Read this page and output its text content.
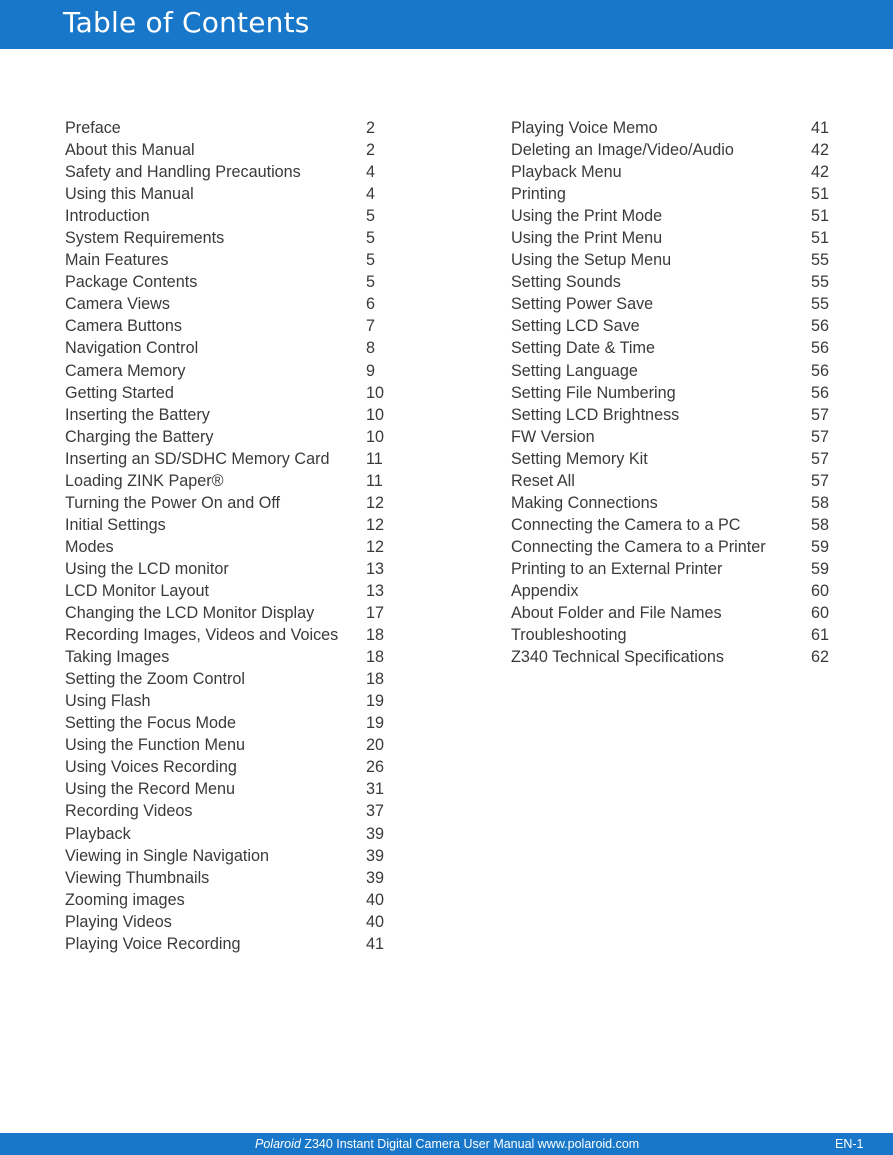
Table of Contents
Preface	2
About this Manual	2
Safety and Handling Precautions	4
Using this Manual	4
Introduction	5
System Requirements	5
Main Features	5
Package Contents	5
Camera Views	6
Camera Buttons	7
Navigation Control	8
Camera Memory	9
Getting Started	10
Inserting the Battery	10
Charging the Battery	10
Inserting an SD/SDHC Memory Card 11
Loading ZINK Paper®	11
Turning the Power On and Off	12
Initial Settings	12
Modes	12
Using the LCD monitor	13
LCD Monitor Layout	13
Changing the LCD Monitor Display	17
Recording Images, Videos and Voices 18
Taking Images	18
Setting the Zoom Control	18
Using Flash	19
Setting the Focus Mode	19
Using the Function Menu	20
Using Voices Recording	26
Using the Record Menu	31
Recording Videos	37
Playback	39
Viewing in Single Navigation	39
Viewing Thumbnails	39
Zooming images	40
Playing Videos	40
Playing Voice Recording	41
Playing Voice Memo	41
Deleting an Image/Video/Audio	42
Playback Menu	42
Printing	51
Using the Print Mode	51
Using the Print Menu	51
Using the Setup Menu	55
Setting Sounds	55
Setting Power Save	55
Setting LCD Save	56
Setting Date & Time	56
Setting Language	56
Setting File Numbering	56
Setting LCD Brightness	57
FW Version	57
Setting Memory Kit	57
Reset All	57
Making Connections	58
Connecting the Camera to a PC	58
Connecting the Camera to a Printer	59
Printing to an External Printer	59
Appendix	60
About Folder and File Names	60
Troubleshooting	61
Z340 Technical Specifications	62
Polaroid Z340 Instant Digital Camera User Manual www.polaroid.com	EN-1
